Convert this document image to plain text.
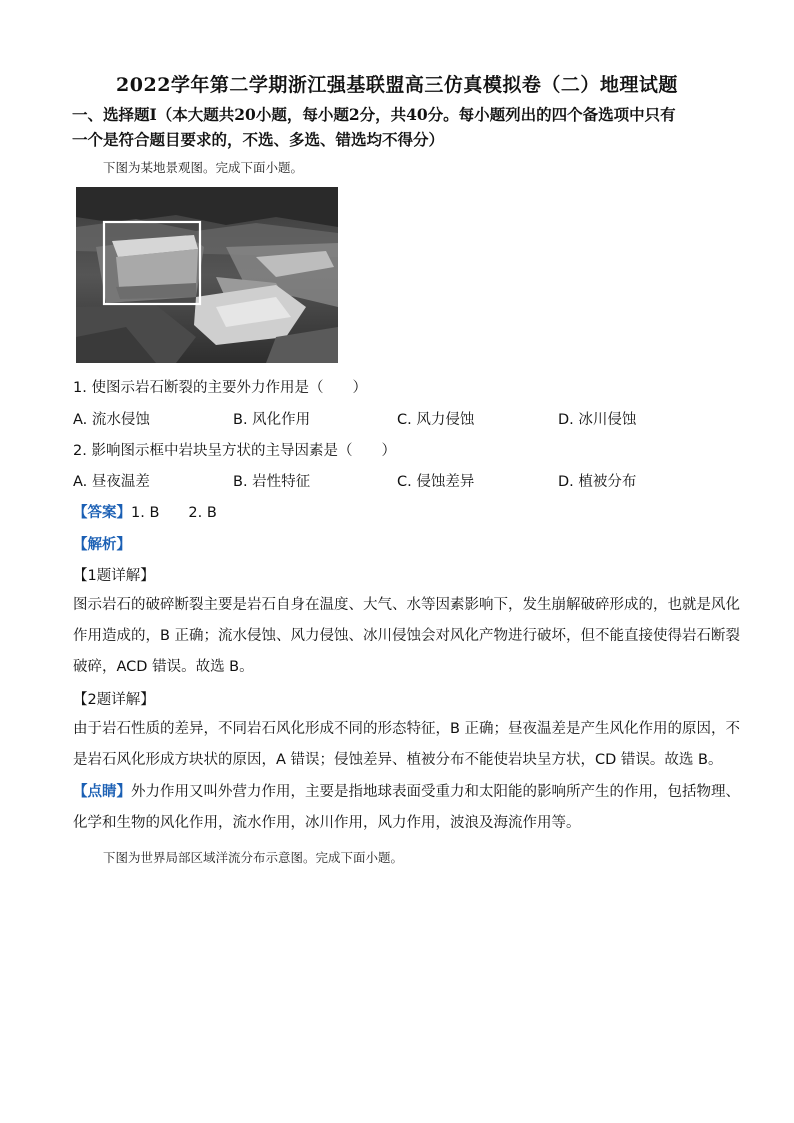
2022学年第二学期浙江强基联盟高三仿真模拟卷（二）地理试题
一、选择题Ⅰ（本大题共20小题，每小题2分，共40分。每小题列出的四个备选项中只有
一个是符合题目要求的，不选、多选、错选均不得分）
下图为某地景观图。完成下面小题。
1. 使图示岩石断裂的主要外力作用是（　　）
A. 流水侵蚀	B. 风化作用	C. 风力侵蚀	D. 冰川侵蚀
2. 影响图示框中岩块呈方状的主导因素是（　　）
A. 昼夜温差	B. 岩性特征	C. 侵蚀差异	D. 植被分布
【答案】1. B　　2. B
【解析】
【1题详解】
图示岩石的破碎断裂主要是岩石自身在温度、大气、水等因素影响下，发生崩解破碎形成的，也就是风化
作用造成的，B 正确；流水侵蚀、风力侵蚀、冰川侵蚀会对风化产物进行破坏，但不能直接使得岩石断裂
破碎，ACD 错误。故选 B。
【2题详解】
由于岩石性质的差异，不同岩石风化形成不同的形态特征，B 正确；昼夜温差是产生风化作用的原因，不
是岩石风化形成方块状的原因，A 错误；侵蚀差异、植被分布不能使岩块呈方状，CD 错误。故选 B。
【点睛】外力作用又叫外营力作用，主要是指地球表面受重力和太阳能的影响所产生的作用，包括物理、
化学和生物的风化作用，流水作用，冰川作用，风力作用，波浪及海流作用等。
下图为世界局部区域洋流分布示意图。完成下面小题。
